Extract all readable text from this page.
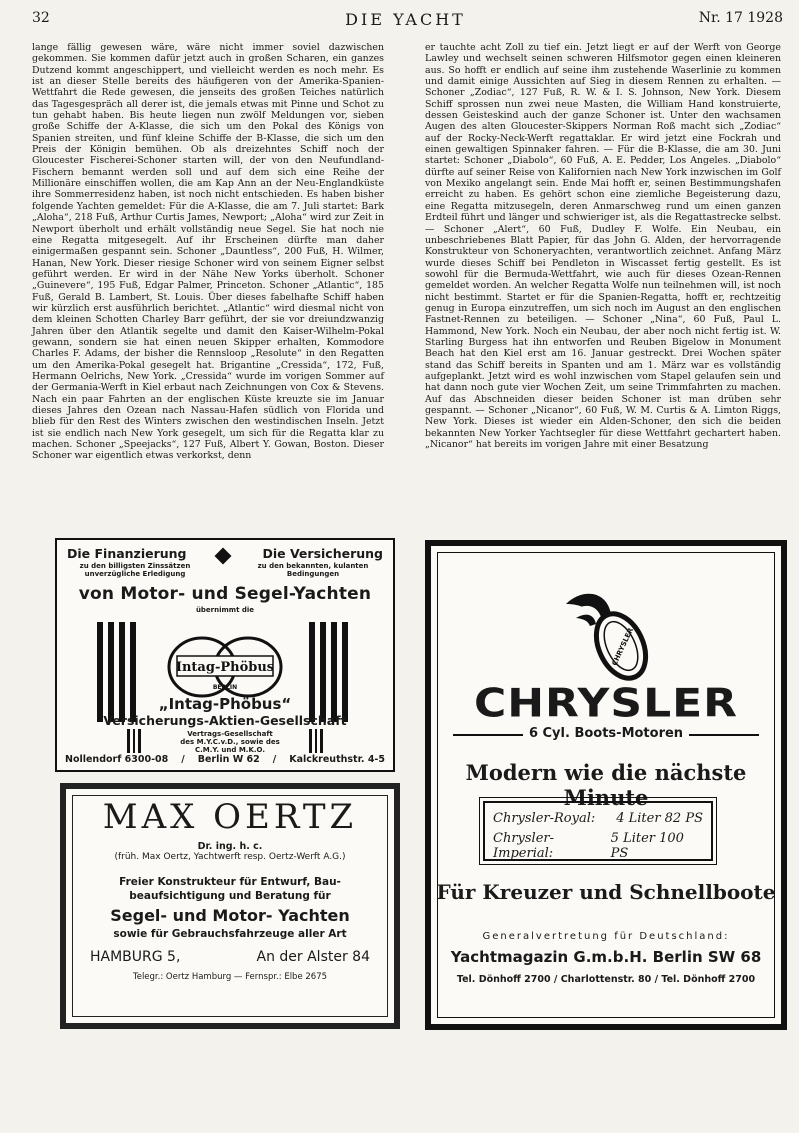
32	DIE YACHT	Nr. 17 1928

lange fällig gewesen wäre, wäre nicht immer soviel dazwischen gekommen. Sie kommen dafür jetzt auch in großen Scharen, ein ganzes Dutzend kommt angeschippert, und vielleicht werden es noch mehr. Es ist an dieser Stelle bereits des häufigeren von der Amerika-Spanien-Wettfahrt die Rede gewesen, die jenseits des großen Teiches natürlich das Tagesgespräch all derer ist, die jemals etwas mit Pinne und Schot zu tun gehabt haben. Bis heute liegen nun zwölf Meldungen vor, sieben große Schiffe der A-Klasse, die sich um den Pokal des Königs von Spanien streiten, und fünf kleine Schiffe der B-Klasse, die sich um den Preis der Königin bemühen. Ob als dreizehntes Schiff noch der Gloucester Fischerei-Schoner starten will, der von den Neufundland-Fischern bemannt werden soll und auf dem sich eine Reihe der Millionäre einschiffen wollen, die am Kap Ann an der Neu-Englandküste ihre Sommerresidenz haben, ist noch nicht entschieden. Es haben bisher folgende Yachten gemeldet: Für die A-Klasse, die am 7. Juli startet: Bark „Aloha“, 218 Fuß, Arthur Curtis James, Newport; „Aloha“ wird zur Zeit in Newport überholt und erhält vollständig neue Segel. Sie hat noch nie eine Regatta mitgesegelt. Auf ihr Erscheinen dürfte man daher einigermaßen gespannt sein. Schoner „Dauntless“, 200 Fuß, H. Wilmer, Hanan, New York. Dieser riesige Schoner wird von seinem Eigner selbst geführt werden. Er wird in der Nähe New Yorks überholt. Schoner „Guinevere“, 195 Fuß, Edgar Palmer, Princeton. Schoner „Atlantic“, 185 Fuß, Gerald B. Lambert, St. Louis. Über dieses fabelhafte Schiff haben wir kürzlich erst ausführlich berichtet. „Atlantic“ wird diesmal nicht von dem kleinen Schotten Charley Barr geführt, der sie vor dreiundzwanzig Jahren über den Atlantik segelte und damit den Kaiser-Wilhelm-Pokal gewann, sondern sie hat einen neuen Skipper erhalten, Kommodore Charles F. Adams, der bisher die Rennsloop „Resolute“ in den Regatten um den Amerika-Pokal gesegelt hat. Brigantine „Cressida“, 172, Fuß, Hermann Oelrichs, New York. „Cressida“ wurde im vorigen Sommer auf der Germania-Werft in Kiel erbaut nach Zeichnungen von Cox & Stevens. Nach ein paar Fahrten an der englischen Küste kreuzte sie im Januar dieses Jahres den Ozean nach Nassau-Hafen südlich von Florida und blieb für den Rest des Winters zwischen den westindischen Inseln. Jetzt ist sie endlich nach New York gesegelt, um sich für die Regatta klar zu machen. Schoner „Speejacks“, 127 Fuß, Albert Y. Gowan, Boston. Dieser Schoner war eigentlich etwas verkorkst, denn

er tauchte acht Zoll zu tief ein. Jetzt liegt er auf der Werft von George Lawley und wechselt seinen schweren Hilfsmotor gegen einen kleineren aus. So hofft er endlich auf seine ihm zustehende Waserlinie zu kommen und damit einige Aussichten auf Sieg in diesem Rennen zu erhalten. — Schoner „Zodiac“, 127 Fuß, R. W. & I. S. Johnson, New York. Diesem Schiff sprossen nun zwei neue Masten, die William Hand konstruierte, dessen Geisteskind auch der ganze Schoner ist. Unter den wachsamen Augen des alten Gloucester-Skippers Norman Roß macht sich „Zodiac“ auf der Rocky-Neck-Werft regattaklar. Er wird jetzt eine Fockrah und einen gewaltigen Spinnaker fahren. — Für die B-Klasse, die am 30. Juni startet: Schoner „Diabolo“, 60 Fuß, A. E. Pedder, Los Angeles. „Diabolo“ dürfte auf seiner Reise von Kalifornien nach New York inzwischen im Golf von Mexiko angelangt sein. Ende Mai hofft er, seinen Bestimmungshafen erreicht zu haben. Es gehört schon eine ziemliche Begeisterung dazu, eine Regatta mitzusegeln, deren Anmarschweg rund um einen ganzen Erdteil führt und länger und schwieriger ist, als die Regattastrecke selbst. — Schoner „Alert“, 60 Fuß, Dudley F. Wolfe. Ein Neubau, ein unbeschriebenes Blatt Papier, für das John G. Alden, der hervorragende Konstrukteur von Schoneryachten, verantwortlich zeichnet. Anfang März wurde dieses Schiff bei Pendleton in Wiscasset fertig gestellt. Es ist sowohl für die Bermuda-Wettfahrt, wie auch für dieses Ozean-Rennen gemeldet worden. An welcher Regatta Wolfe nun teilnehmen will, ist noch nicht bestimmt. Startet er für die Spanien-Regatta, hofft er, rechtzeitig genug in Europa einzutreffen, um sich noch im August an den englischen Fastnet-Rennen zu beteiligen. — Schoner „Nina“, 60 Fuß, Paul L. Hammond, New York. Noch ein Neubau, der aber noch nicht fertig ist. W. Starling Burgess hat ihn entworfen und Reuben Bigelow in Monument Beach hat den Kiel erst am 16. Januar gestreckt. Drei Wochen später stand das Schiff bereits in Spanten und am 1. März war es vollständig aufgeplankt. Jetzt wird es wohl inzwischen vom Stapel gelaufen sein und hat dann noch gute vier Wochen Zeit, um seine Trimmfahrten zu machen. Auf das Abschneiden dieser beiden Schoner ist man drüben sehr gespannt. — Schoner „Nicanor“, 60 Fuß, W. M. Curtis & A. Limton Riggs, New York. Dieses ist wieder ein Alden-Schoner, den sich die beiden bekannten New Yorker Yachtsegler für diese Wettfahrt gechartert haben. „Nicanor“ hat bereits im vorigen Jahre mit einer Besatzung

Die Finanzierung
zu den billigsten Zinssätzen
unverzügliche Erledigung
Die Versicherung
zu den bekannten, kulanten
Bedingungen
von Motor- und Segel-Yachten
übernimmt die
Intag-Phöbus
BERLIN
„Intag-Phöbus“
Versicherungs-Aktien-Gesellschaft
Vertrags-Gesellschaft
des M.Y.C.v.D., sowie des
C.M.Y. und M.K.O.
Nollendorf 6300-08 / Berlin W 62 / Kalckreuthstr. 4-5
MAX OERTZ
Dr. ing. h. c.
(früh. Max Oertz, Yachtwerft resp. Oertz-Werft A.G.)
Freier Konstrukteur für Entwurf, Bau-
beaufsichtigung und Beratung für
Segel- und Motor- Yachten
sowie für Gebrauchsfahrzeuge aller Art
HAMBURG 5,	An der Alster 84
Telegr.: Oertz Hamburg — Fernspr.: Elbe 2675
CHRYSLER
CHRYSLER
6 Cyl. Boots-Motoren
Modern wie die nächste Minute
Chrysler-Royal: 4 Liter 82 PS
Chrysler-Imperial:
5 Liter 100 PS
Für Kreuzer und Schnellboote
Generalvertretung für Deutschland:
Yachtmagazin G.m.b.H. Berlin SW 68
Tel. Dönhoff 2700 / Charlottenstr. 80 / Tel. Dönhoff 2700
